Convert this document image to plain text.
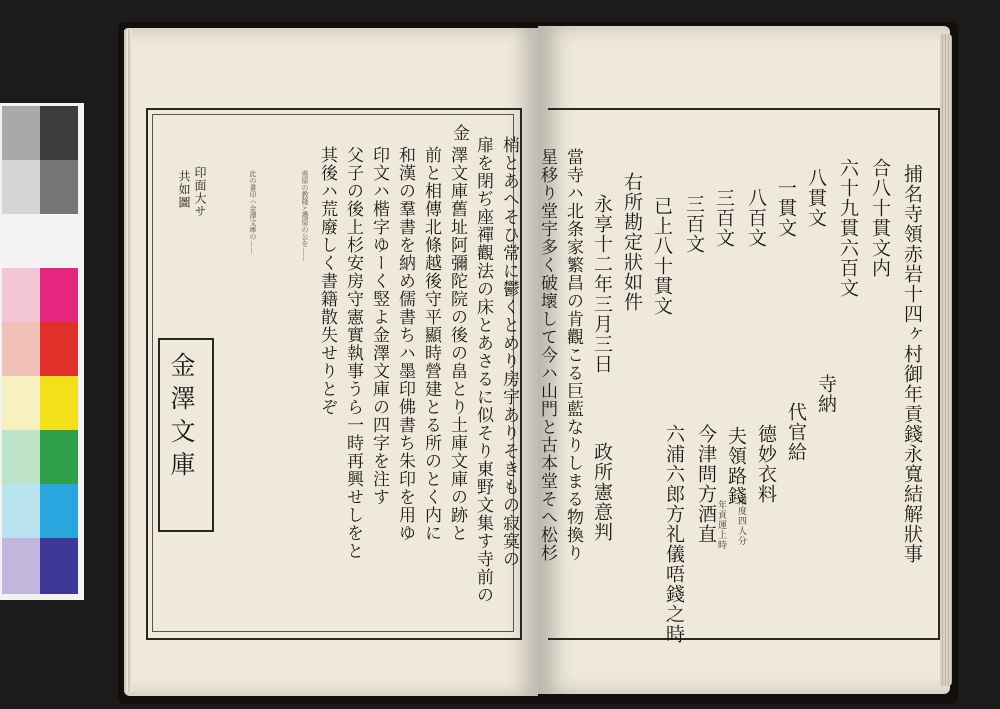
捕名寺領赤岩十四ヶ村御年貢錢永寬結解狀事
合八十貫文内
六十九貫六百文
八貫文
一貫文
八百文
三百文
三百文
已上八十貫文
右所勘定狀如件
永享十二年三月三日
寺納
代官給
德妙衣料
夫領路錢
今津問方酒直
六浦六郎方礼儀唔錢之時
政所憲意判	兩度四人分
年貢運上時
當寺ハ北条家繁昌の肯觀こる巨藍なりしまる物換り
星移り堂宇多く破壞して今ハ山門と古本堂そへ松杉
梢とあへそひ常に鬱くとめり房宇ありそきもの寂寞の
扉を閉ぢ座禪觀法の床とあさるに似そり東野文集す寺前の
金
澤文庫舊址阿彌陀院の後の畠とり土庫文庫の跡と
前と相傳北條越後守平顯時營建とる所のとく内に
和漢の羣書を納め儒書ちハ墨印佛書ち朱印を用ゆ
印文ハ楷字ゆーく竪よ金澤文庫の四字を注す
父子の後上杉安房守憲實執事うら一時再興せしをと
其後ハ荒廢しく書籍散失せりとぞ
甫原の教隆と禮原の公を……
此の書印ハ金澤文庫の……
印面大サ
共如圖
金澤文庫
